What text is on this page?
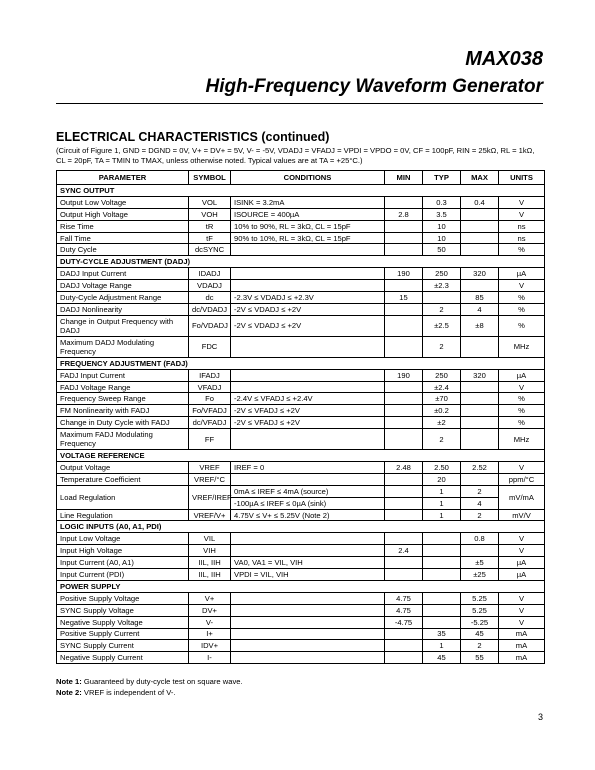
MAX038
High-Frequency Waveform Generator
ELECTRICAL CHARACTERISTICS (continued)
(Circuit of Figure 1, GND = DGND = 0V, V+ = DV+ = 5V, V- = -5V, VDADJ = VFADJ = VPDI = VPDO = 0V, CF = 100pF, RIN = 25kΩ, RL = 1kΩ, CL = 20pF, TA = TMIN to TMAX, unless otherwise noted. Typical values are at TA = +25°C.)
PARAMETER	SYMBOL	CONDITIONS	MIN	TYP	MAX	UNITS
SYNC OUTPUT						
Output Low Voltage	VOL	ISINK = 3.2mA		0.3	0.4	V
Output High Voltage	VOH	ISOURCE = 400µA	2.8	3.5		V
Rise Time	tR	10% to 90%, RL = 3kΩ, CL = 15pF		10		ns
Fall Time	tF	90% to 10%, RL = 3kΩ, CL = 15pF		10		ns
Duty Cycle	dcSYNC			50		%
DUTY-CYCLE ADJUSTMENT (DADJ)						
DADJ Input Current	IDADJ		190	250	320	µA
DADJ Voltage Range	VDADJ			±2.3		V
Duty-Cycle Adjustment Range	dc	-2.3V ≤ VDADJ ≤ +2.3V	15		85	%
DADJ Nonlinearity	dc/VDADJ	-2V ≤ VDADJ ≤ +2V		2	4	%
Change in Output Frequency with DADJ	Fo/VDADJ	-2V ≤ VDADJ ≤ +2V		±2.5	±8	%
Maximum DADJ Modulating Frequency	FDC			2		MHz
FREQUENCY ADJUSTMENT (FADJ)						
FADJ Input Current	IFADJ		190	250	320	µA
FADJ Voltage Range	VFADJ			±2.4		V
Frequency Sweep Range	Fo	-2.4V ≤ VFADJ ≤ +2.4V		±70		%
FM Nonlinearity with FADJ	Fo/VFADJ	-2V ≤ VFADJ ≤ +2V		±0.2		%
Change in Duty Cycle with FADJ	dc/VFADJ	-2V ≤ VFADJ ≤ +2V		±2		%
Maximum FADJ Modulating Frequency	FF			2		MHz
VOLTAGE REFERENCE						
Output Voltage	VREF	IREF = 0	2.48	2.50	2.52	V
Temperature Coefficient	VREF/°C			20		ppm/°C
Load Regulation	VREF/IREF	0mA ≤ IREF ≤ 4mA (source)		1	2	mV/mA
		-100µA ≤ IREF ≤ 0µA (sink)		1	4	
Line Regulation	VREF/V+	4.75V ≤ V+ ≤ 5.25V (Note 2)		1	2	mV/V
LOGIC INPUTS (A0, A1, PDI)						
Input Low Voltage	VIL				0.8	V
Input High Voltage	VIH		2.4			V
Input Current (A0, A1)	IIL, IIH	VA0, VA1 = VIL, VIH			±5	µA
Input Current (PDI)	IIL, IIH	VPDI = VIL, VIH			±25	µA
POWER SUPPLY						
Positive Supply Voltage	V+		4.75		5.25	V
SYNC Supply Voltage	DV+		4.75		5.25	V
Negative Supply Voltage	V-		-4.75		-5.25	V
Positive Supply Current	I+			35	45	mA
SYNC Supply Current	IDV+			1	2	mA
Negative Supply Current	I-			45	55	mA
Note 1: Guaranteed by duty-cycle test on square wave.
Note 2: VREF is independent of V-.
3
